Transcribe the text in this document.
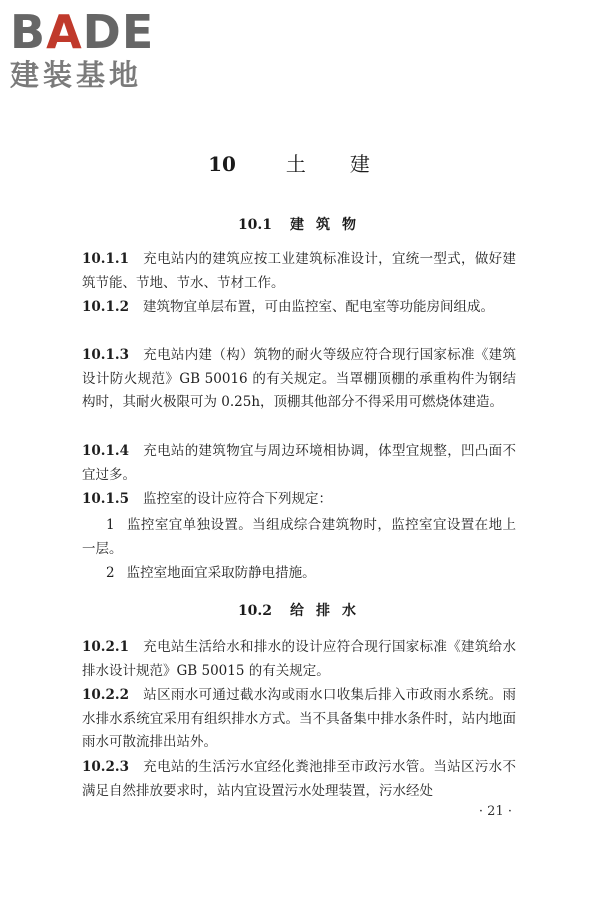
BADE
建装基地
10	土 建
10.1 建 筑 物
10.1.1 充电站内的建筑应按工业建筑标准设计，宜统一型式，做好建筑节能、节地、节水、节材工作。
10.1.2 建筑物宜单层布置，可由监控室、配电室等功能房间组成。
10.1.3 充电站内建（构）筑物的耐火等级应符合现行国家标准《建筑设计防火规范》GB 50016 的有关规定。当罩棚顶棚的承重构件为钢结构时，其耐火极限可为 0.25h，顶棚其他部分不得采用可燃烧体建造。
10.1.4 充电站的建筑物宜与周边环境相协调，体型宜规整，凹凸面不宜过多。
10.1.5 监控室的设计应符合下列规定：
1 监控室宜单独设置。当组成综合建筑物时，监控室宜设置在地上一层。
2 监控室地面宜采取防静电措施。
10.2 给 排 水
10.2.1 充电站生活给水和排水的设计应符合现行国家标准《建筑给水排水设计规范》GB 50015 的有关规定。
10.2.2 站区雨水可通过截水沟或雨水口收集后排入市政雨水系统。雨水排水系统宜采用有组织排水方式。当不具备集中排水条件时，站内地面雨水可散流排出站外。
10.2.3 充电站的生活污水宜经化粪池排至市政污水管。当站区污水不满足自然排放要求时，站内宜设置污水处理装置，污水经处
· 21 ·
